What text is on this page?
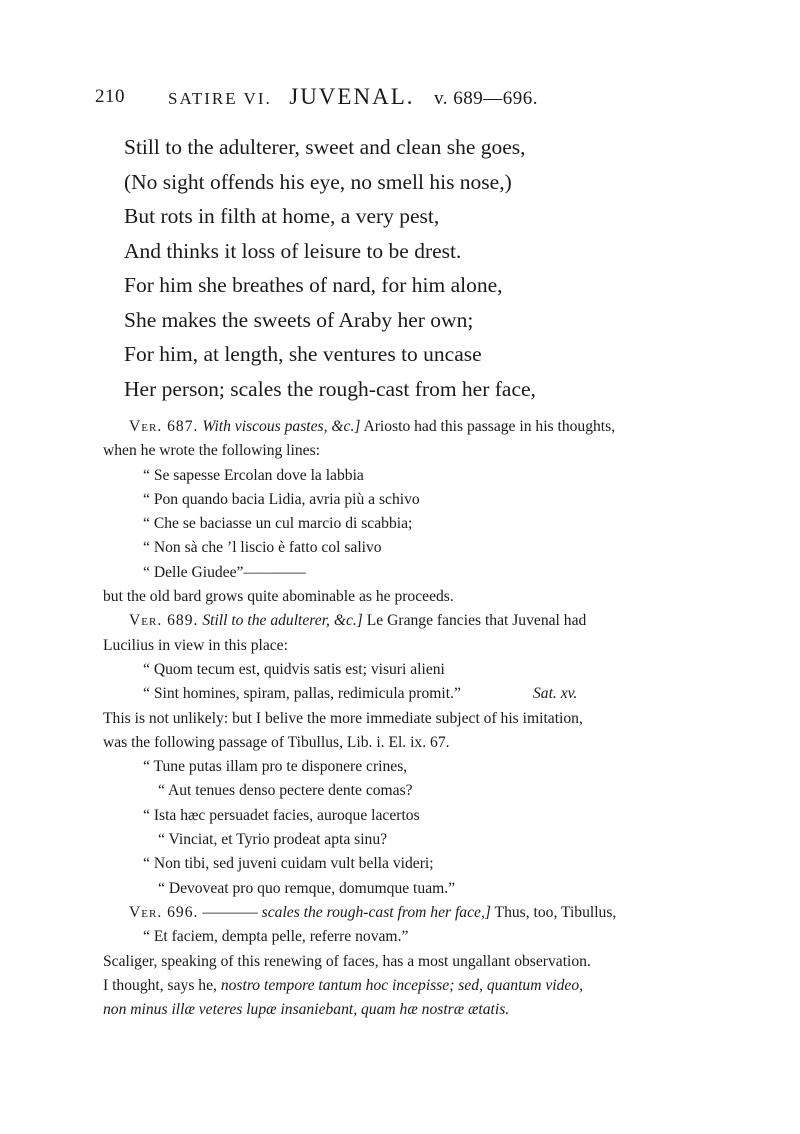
210	SATIRE VI. JUVENAL. v. 689—696.
Still to the adulterer, sweet and clean she goes,
(No sight offends his eye, no smell his nose,)
But rots in filth at home, a very pest,
And thinks it loss of leisure to be drest.
For him she breathes of nard, for him alone,
She makes the sweets of Araby her own;
For him, at length, she ventures to uncase
Her person; scales the rough-cast from her face,
Ver. 687. With viscous pastes, &c.] Ariosto had this passage in his thoughts,
when he wrote the following lines:
“ Se sapesse Ercolan dove la labbia
“ Pon quando bacia Lidia, avria più a schivo
“ Che se baciasse un cul marcio di scabbia;
“ Non sà che ’l liscio è fatto col salivo
“ Delle Giudee”————
but the old bard grows quite abominable as he proceeds.
Ver. 689. Still to the adulterer, &c.] Le Grange fancies that Juvenal had
Lucilius in view in this place:
“ Quom tecum est, quidvis satis est; visuri alieni
“ Sint homines, spiram, pallas, redimicula promit.”	Sat. xv.
This is not unlikely: but I belive the more immediate subject of his imitation,
was the following passage of Tibullus, Lib. i. El. ix. 67.
“ Tune putas illam pro te disponere crines,
“ Aut tenues denso pectere dente comas?
“ Ista hæc persuadet facies, auroque lacertos
“ Vinciat, et Tyrio prodeat apta sinu?
“ Non tibi, sed juveni cuidam vult bella videri;
“ Devoveat pro quo remque, domumque tuam.”
Ver. 696. ———— scales the rough-cast from her face,] Thus, too, Tibullus,
“ Et faciem, dempta pelle, referre novam.”
Scaliger, speaking of this renewing of faces, has a most ungallant observation.
I thought, says he, nostro tempore tantum hoc incepisse; sed, quantum video,
non minus illæ veteres lupæ insaniebant, quam hæ nostræ ætatis.
